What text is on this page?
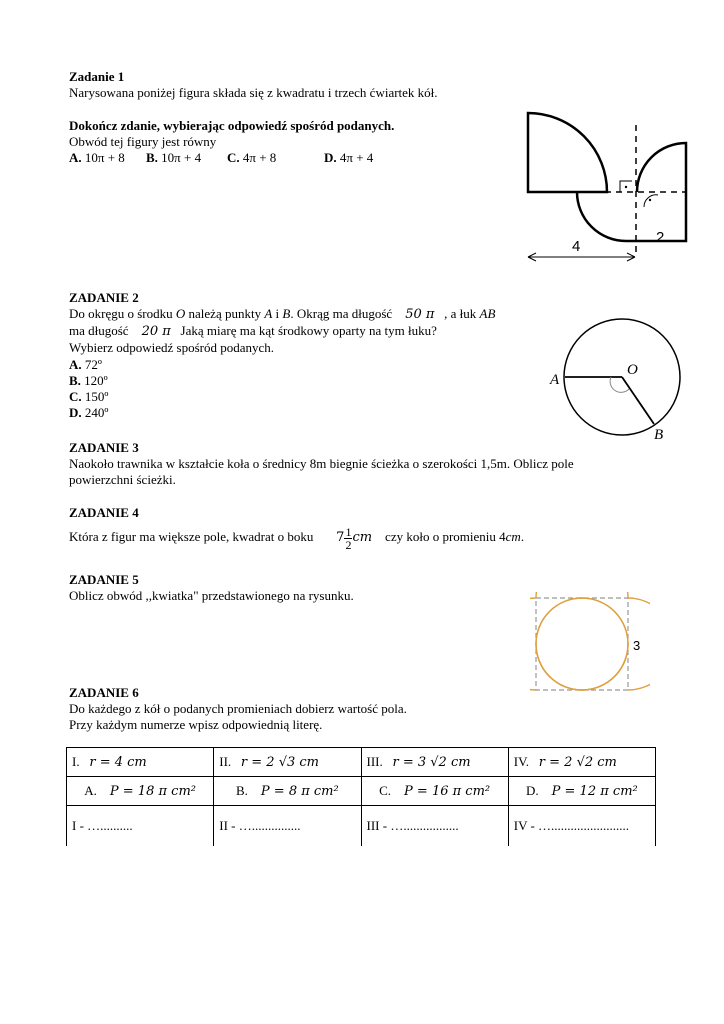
Zadanie 1
Narysowana poniżej figura składa się z kwadratu i trzech ćwiartek kół.
Dokończ zdanie, wybierając odpowiedź spośród podanych.
Obwód tej figury jest równy
A. 10π + 8 B. 10π + 4 C. 4π + 8	D. 4π + 4
4
2
ZADANIE 2
Do okręgu o środku O należą punkty A i B. Okrąg ma długość 50 π , a łuk AB
ma długość 20 π Jaką miarę ma kąt środkowy oparty na tym łuku?
Wybierz odpowiedź spośród podanych.
A. 72º
B. 120º
C. 150º
D. 240º
O
A
B
ZADANIE 3
Naokoło trawnika w kształcie koła o średnicy 8m biegnie ścieżka o szerokości 1,5m. Oblicz pole
powierzchni ścieżki.
ZADANIE 4
Która z figur ma większe pole, kwadrat o boku $7 \frac{1}{2}$ cm czy koło o promieniu 4cm.
ZADANIE 5
Oblicz obwód ,,kwiatka" przedstawionego na rysunku.
3
ZADANIE 6
Do każdego z kół o podanych promieniach dobierz wartość pola.
Przy każdym numerze wpisz odpowiednią literę.
I. r = 4 cm	II. r = 2 √3 cm	III. r = 3 √2 cm	IV. r = 2 √2 cm
A. P = 18 π cm²	B. P = 8 π cm²	C. P = 16 π cm²	D. P = 12 π cm²
I - …..........	II - …...............	III - ….................	IV - …........................
